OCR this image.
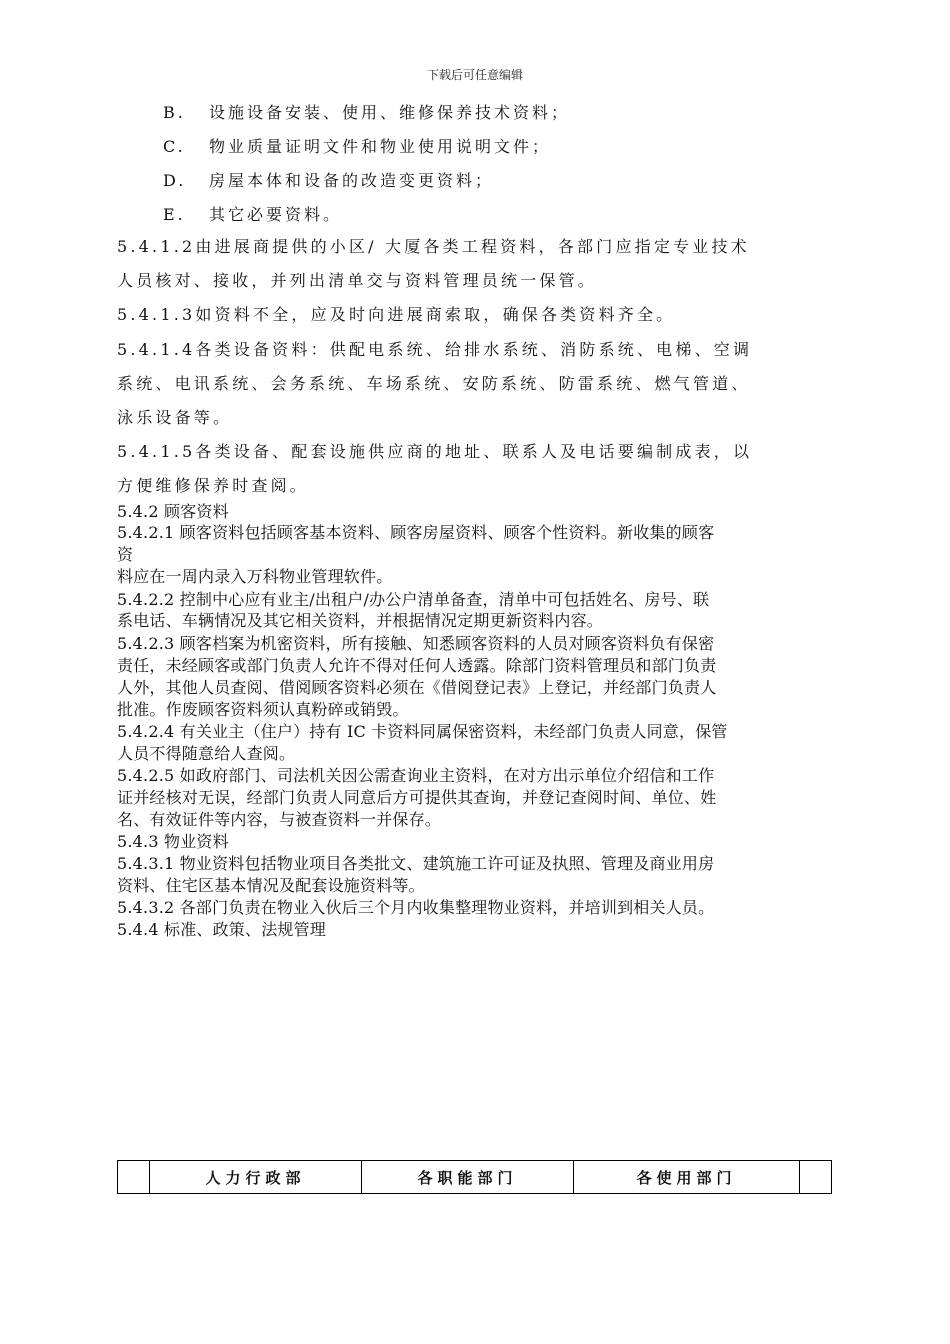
下载后可任意编辑
B. 设施设备安装、使用、维修保养技术资料；
C. 物业质量证明文件和物业使用说明文件；
D. 房屋本体和设备的改造变更资料；
E. 其它必要资料。
5.4.1.2由进展商提供的小区/ 大厦各类工程资料，各部门应指定专业技术
人员核对、接收，并列出清单交与资料管理员统一保管。
5.4.1.3如资料不全，应及时向进展商索取，确保各类资料齐全。
5.4.1.4各类设备资料：供配电系统、给排水系统、消防系统、电梯、空调
系统、电讯系统、会务系统、车场系统、安防系统、防雷系统、燃气管道、
泳乐设备等。
5.4.1.5各类设备、配套设施供应商的地址、联系人及电话要编制成表，以
方便维修保养时查阅。
5.4.2 顾客资料
5.4.2.1 顾客资料包括顾客基本资料、顾客房屋资料、顾客个性资料。新收集的顾客
资
料应在一周内录入万科物业管理软件。
5.4.2.2 控制中心应有业主/出租户/办公户清单备查，清单中可包括姓名、房号、联
系电话、车辆情况及其它相关资料，并根据情况定期更新资料内容。
5.4.2.3 顾客档案为机密资料，所有接触、知悉顾客资料的人员对顾客资料负有保密
责任，未经顾客或部门负责人允许不得对任何人透露。除部门资料管理员和部门负责
人外，其他人员查阅、借阅顾客资料必须在《借阅登记表》上登记，并经部门负责人
批准。作废顾客资料须认真粉碎或销毁。
5.4.2.4 有关业主（住户）持有 IC 卡资料同属保密资料，未经部门负责人同意，保管
人员不得随意给人查阅。
5.4.2.5 如政府部门、司法机关因公需查询业主资料，在对方出示单位介绍信和工作
证并经核对无误，经部门负责人同意后方可提供其查询，并登记查阅时间、单位、姓
名、有效证件等内容，与被查资料一并保存。
5.4.3 物业资料
5.4.3.1 物业资料包括物业项目各类批文、建筑施工许可证及执照、管理及商业用房
资料、住宅区基本情况及配套设施资料等。
5.4.3.2 各部门负责在物业入伙后三个月内收集整理物业资料，并培训到相关人员。
5.4.4 标准、政策、法规管理
人力行政部	各职能部门	各使用部门
